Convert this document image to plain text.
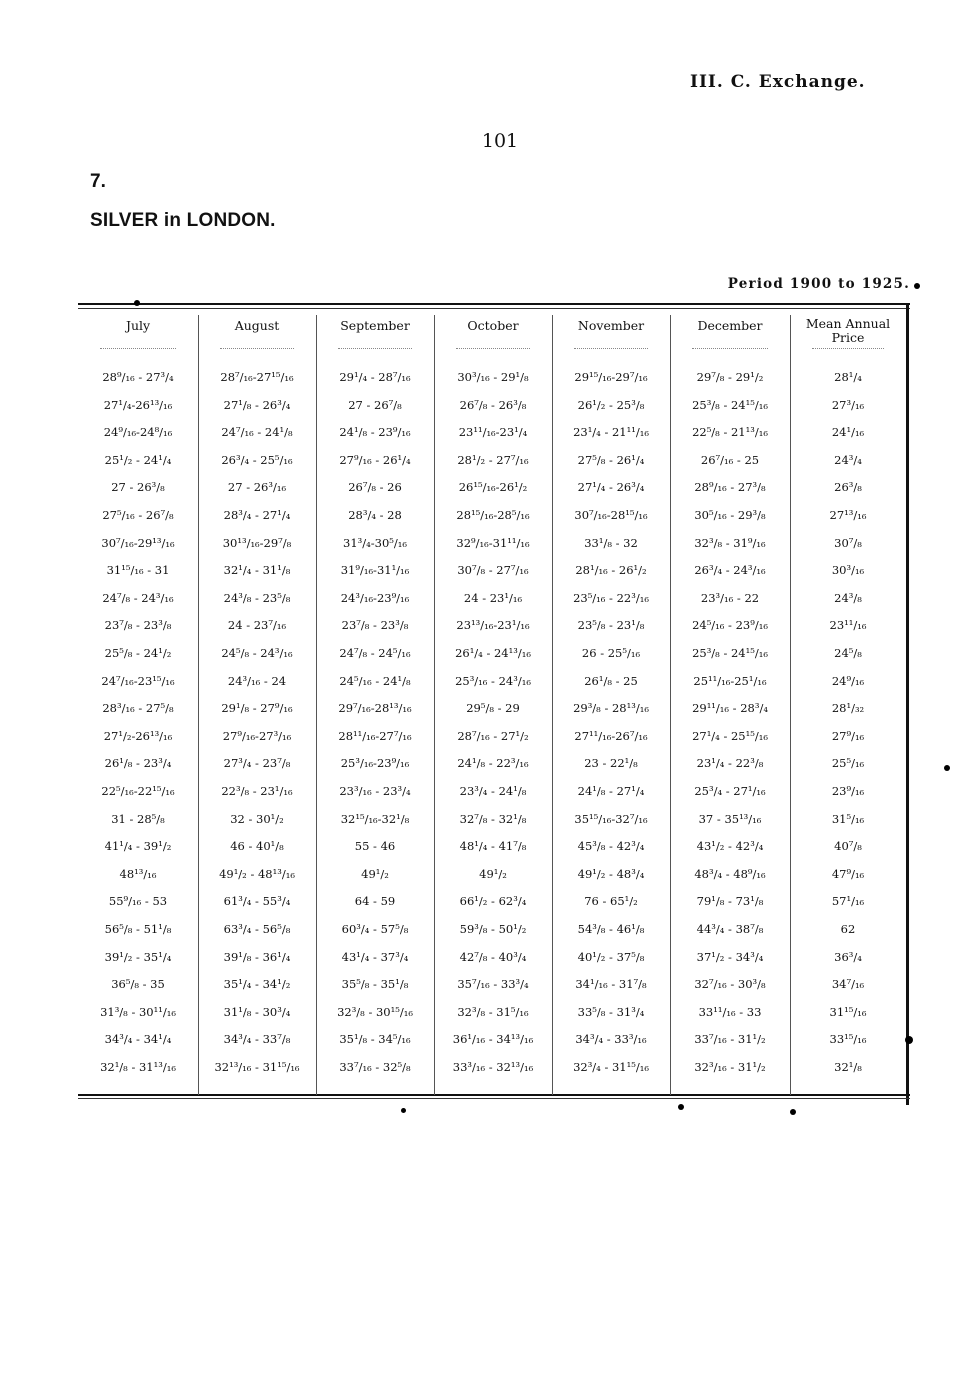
III. C. Exchange.
101
7.
SILVER in LONDON.
Period 1900 to 1925.
July	August	September	October	November	December	Mean Annual Price
28⁹/₁₆ - 27³/₄	28⁷/₁₆-27¹⁵/₁₆	29¹/₄ - 28⁷/₁₆	30³/₁₆ - 29¹/₈	29¹⁵/₁₆-29⁷/₁₆	29⁷/₈ - 29¹/₂	28¹/₄
27¹/₄-26¹³/₁₆	27¹/₈ - 26³/₄	27 - 26⁷/₈	26⁷/₈ - 26³/₈	26¹/₂ - 25³/₈	25³/₈ - 24¹⁵/₁₆	27³/₁₆
24⁹/₁₆-24⁸/₁₆	24⁷/₁₆ - 24¹/₈	24¹/₈ - 23⁹/₁₆	23¹¹/₁₆-23¹/₄	23¹/₄ - 21¹¹/₁₆	22⁵/₈ - 21¹³/₁₆	24¹/₁₆
25¹/₂ - 24¹/₄	26³/₄ - 25⁵/₁₆	27⁹/₁₆ - 26¹/₄	28¹/₂ - 27⁷/₁₆	27⁵/₈ - 26¹/₄	26⁷/₁₆ - 25	24³/₄
27 - 26³/₈	27 - 26³/₁₆	26⁷/₈ - 26	26¹⁵/₁₆-26¹/₂	27¹/₄ - 26³/₄	28⁹/₁₆ - 27³/₈	26³/₈
27⁵/₁₆ - 26⁷/₈	28³/₄ - 27¹/₄	28³/₄ - 28	28¹⁵/₁₆-28⁵/₁₆	30⁷/₁₆-28¹⁵/₁₆	30⁵/₁₆ - 29³/₈	27¹³/₁₆
30⁷/₁₆-29¹³/₁₆	30¹³/₁₆-29⁷/₈	31³/₄-30⁵/₁₆	32⁹/₁₆-31¹¹/₁₆	33¹/₈ - 32	32³/₈ - 31⁹/₁₆	30⁷/₈
31¹⁵/₁₆ - 31	32¹/₄ - 31¹/₈	31⁹/₁₆-31¹/₁₆	30⁷/₈ - 27⁷/₁₆	28¹/₁₆ - 26¹/₂	26³/₄ - 24³/₁₆	30³/₁₆
24⁷/₈ - 24³/₁₆	24³/₈ - 23⁵/₈	24³/₁₆-23⁹/₁₆	24 - 23¹/₁₆	23⁵/₁₆ - 22³/₁₆	23³/₁₆ - 22	24³/₈
23⁷/₈ - 23³/₈	24 - 23⁷/₁₆	23⁷/₈ - 23³/₈	23¹³/₁₆-23¹/₁₆	23⁵/₈ - 23¹/₈	24⁵/₁₆ - 23⁹/₁₆	23¹¹/₁₆
25⁵/₈ - 24¹/₂	24⁵/₈ - 24³/₁₆	24⁷/₈ - 24⁵/₁₆	26¹/₄ - 24¹³/₁₆	26 - 25⁵/₁₆	25³/₈ - 24¹⁵/₁₆	24⁵/₈
24⁷/₁₆-23¹⁵/₁₆	24³/₁₆ - 24	24⁵/₁₆ - 24¹/₈	25³/₁₆ - 24³/₁₆	26¹/₈ - 25	25¹¹/₁₆-25¹/₁₆	24⁹/₁₆
28³/₁₆ - 27⁵/₈	29¹/₈ - 27⁹/₁₆	29⁷/₁₆-28¹³/₁₆	29⁵/₈ - 29	29³/₈ - 28¹³/₁₆	29¹¹/₁₆ - 28³/₄	28¹/₃₂
27¹/₂-26¹³/₁₆	27⁹/₁₆-27³/₁₆	28¹¹/₁₆-27⁷/₁₆	28⁷/₁₆ - 27¹/₂	27¹¹/₁₆-26⁷/₁₆	27¹/₄ - 25¹⁵/₁₆	27⁹/₁₆
26¹/₈ - 23³/₄	27³/₄ - 23⁷/₈	25³/₁₆-23⁹/₁₆	24¹/₈ - 22³/₁₆	23 - 22¹/₈	23¹/₄ - 22³/₈	25⁵/₁₆
22⁵/₁₆-22¹⁵/₁₆	22³/₈ - 23¹/₁₆	23³/₁₆ - 23³/₄	23³/₄ - 24¹/₈	24¹/₈ - 27¹/₄	25³/₄ - 27¹/₁₆	23⁹/₁₆
31 - 28⁵/₈	32 - 30¹/₂	32¹⁵/₁₆-32¹/₈	32⁷/₈ - 32¹/₈	35¹⁵/₁₆-32⁷/₁₆	37 - 35¹³/₁₆	31⁵/₁₆
41¹/₄ - 39¹/₂	46 - 40¹/₈	55 - 46	48¹/₄ - 41⁷/₈	45³/₈ - 42³/₄	43¹/₂ - 42³/₄	40⁷/₈
48¹³/₁₆	49¹/₂ - 48¹³/₁₆	49¹/₂	49¹/₂	49¹/₂ - 48³/₄	48³/₄ - 48⁹/₁₆	47⁹/₁₆
55⁹/₁₆ - 53	61³/₄ - 55³/₄	64 - 59	66¹/₂ - 62³/₄	76 - 65¹/₂	79¹/₈ - 73¹/₈	57¹/₁₆
56⁵/₈ - 51¹/₈	63³/₄ - 56⁵/₈	60³/₄ - 57⁵/₈	59³/₈ - 50¹/₂	54³/₈ - 46¹/₈	44³/₄ - 38⁷/₈	62
39¹/₂ - 35¹/₄	39¹/₈ - 36¹/₄	43¹/₄ - 37³/₄	42⁷/₈ - 40³/₄	40¹/₂ - 37⁵/₈	37¹/₂ - 34³/₄	36³/₄
36⁵/₈ - 35	35¹/₄ - 34¹/₂	35⁵/₈ - 35¹/₈	35⁷/₁₆ - 33³/₄	34¹/₁₆ - 31⁷/₈	32⁷/₁₆ - 30³/₈	34⁷/₁₆
31³/₈ - 30¹¹/₁₆	31¹/₈ - 30³/₄	32³/₈ - 30¹⁵/₁₆	32³/₈ - 31⁵/₁₆	33⁵/₈ - 31³/₄	33¹¹/₁₆ - 33	31¹⁵/₁₆
34³/₄ - 34¹/₄	34³/₄ - 33⁷/₈	35¹/₈ - 34⁵/₁₆	36¹/₁₆ - 34¹³/₁₆	34³/₄ - 33³/₁₆	33⁷/₁₆ - 31¹/₂	33¹⁵/₁₆
32¹/₈ - 31¹³/₁₆	32¹³/₁₆ - 31¹⁵/₁₆	33⁷/₁₆ - 32⁵/₈	33³/₁₆ - 32¹³/₁₆	32³/₄ - 31¹⁵/₁₆	32³/₁₆ - 31¹/₂	32¹/₈
